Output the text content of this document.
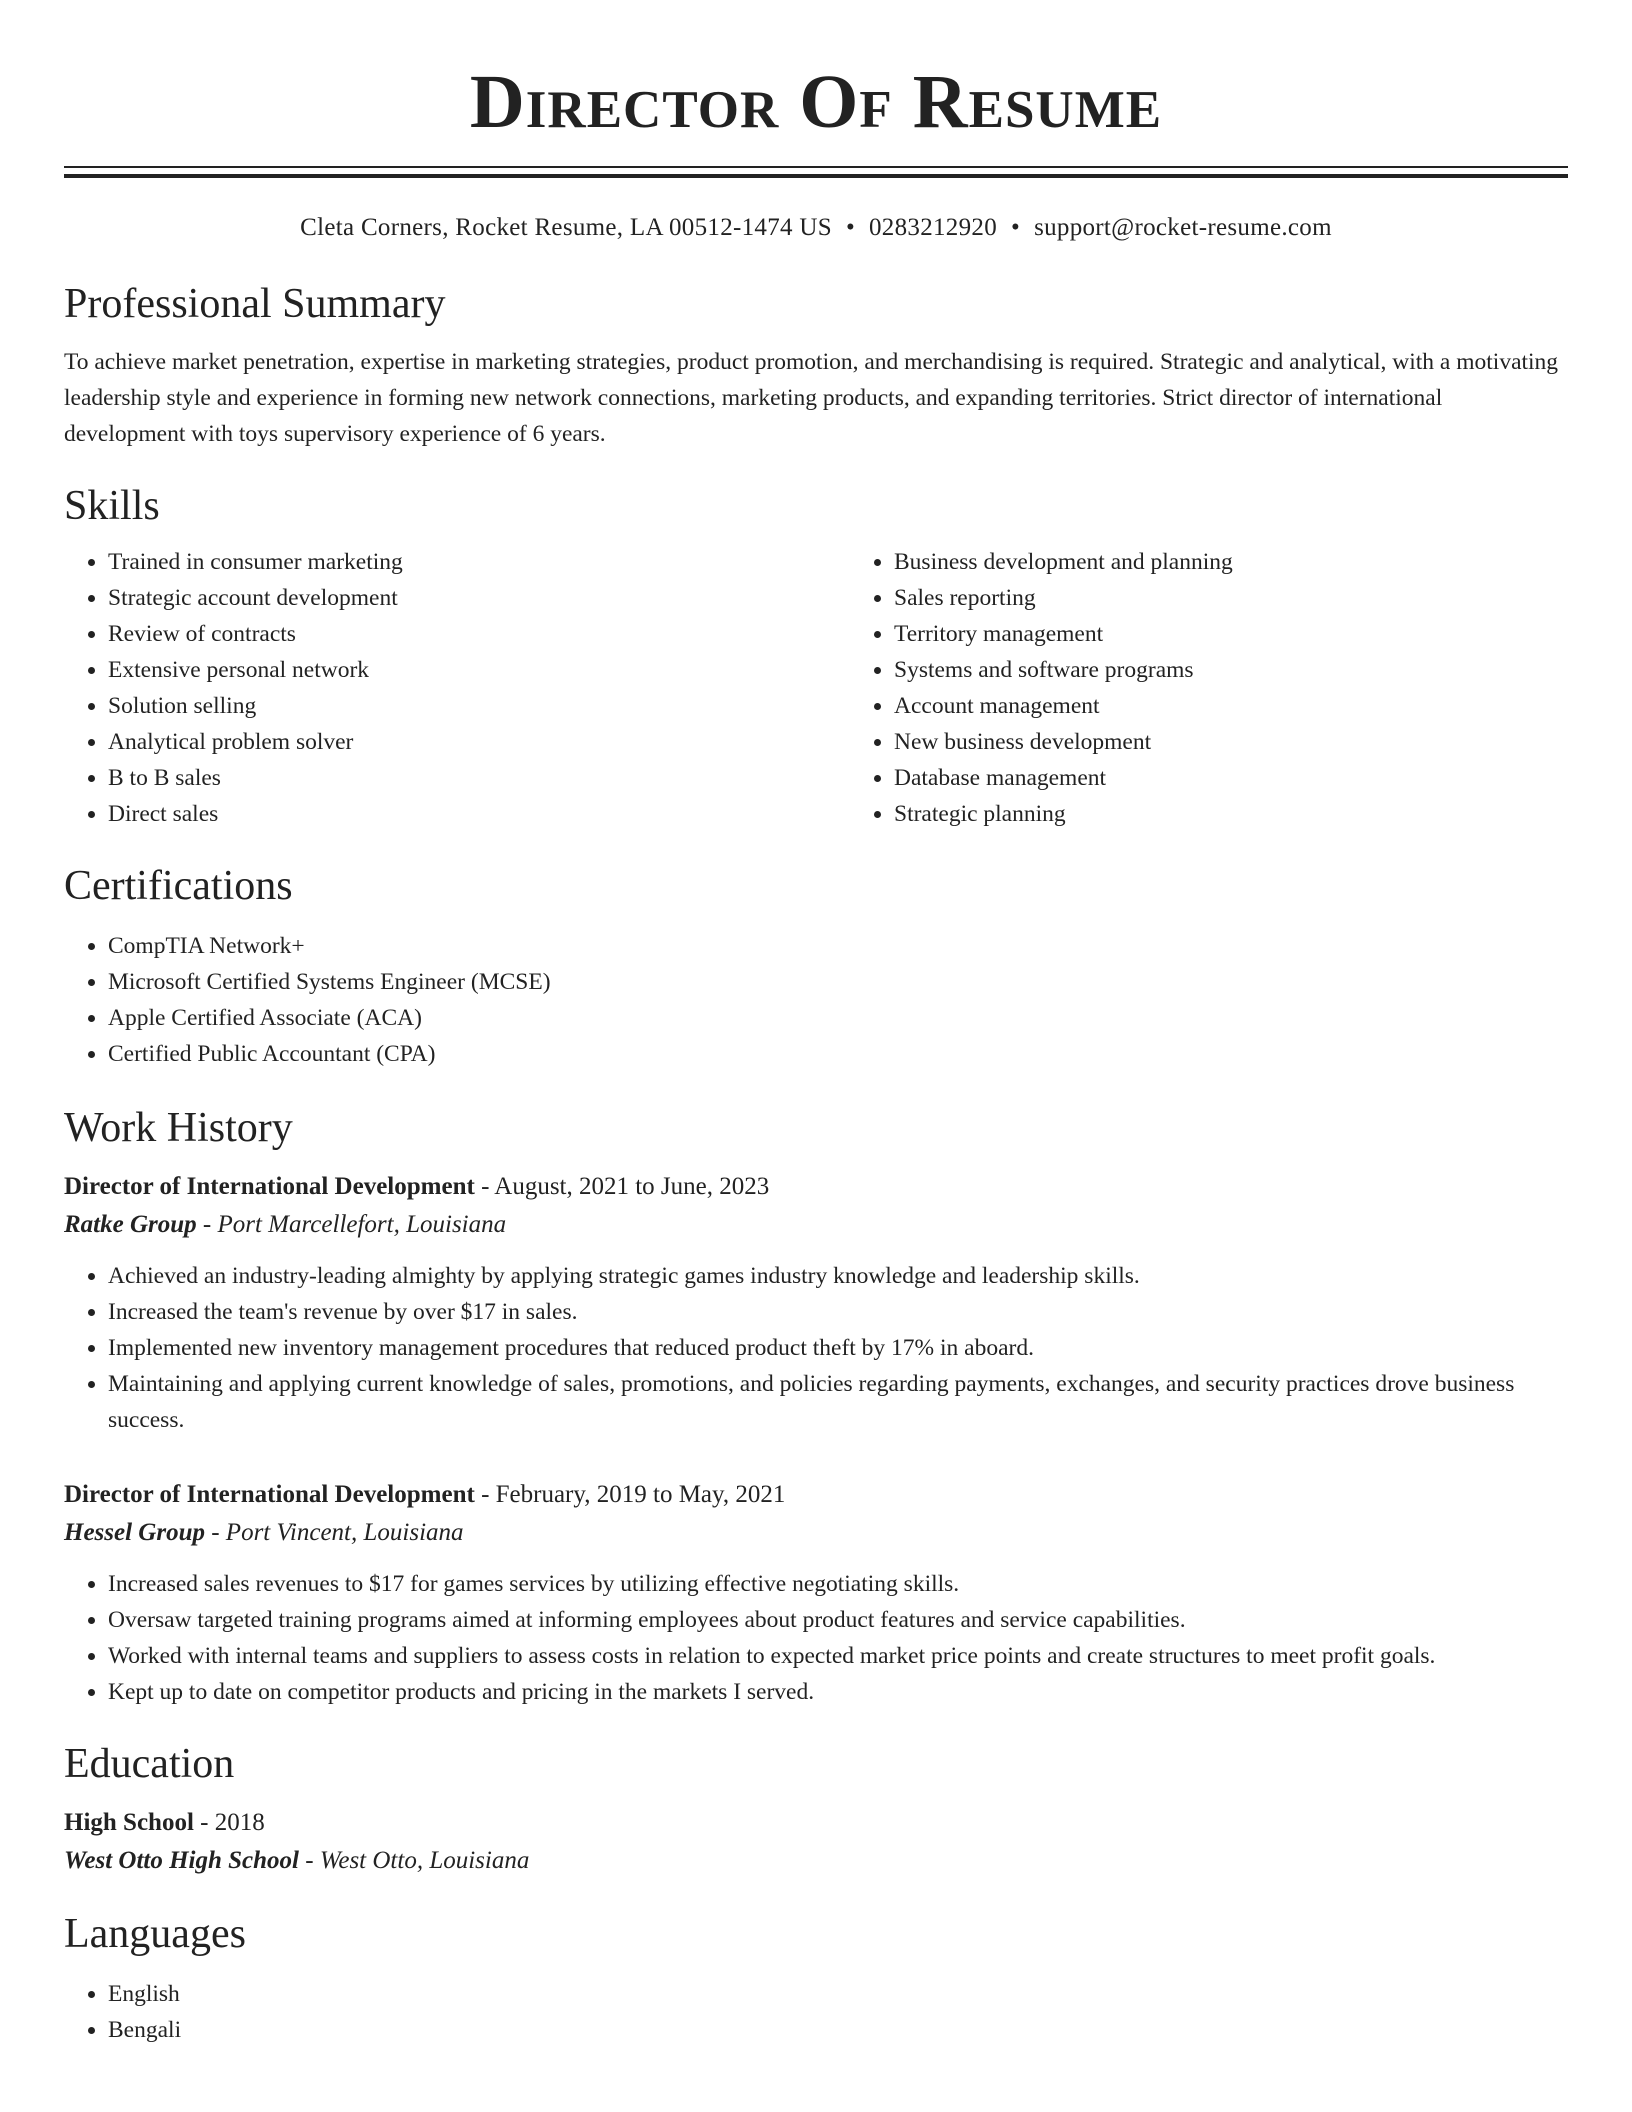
Director Of Resume
Cleta Corners, Rocket Resume, LA 00512-1474 US • 0283212920 • support@rocket-resume.com
Professional Summary

To achieve market penetration, expertise in marketing strategies, product promotion, and merchandising is required. Strategic and analytical, with a motivating leadership style and experience in forming new network connections, marketing products, and expanding territories. Strict director of international development with toys supervisory experience of 6 years.

Skills
• Trained in consumer marketing
• Strategic account development
• Review of contracts
• Extensive personal network
• Solution selling
• Analytical problem solver
• B to B sales
• Direct sales
• Business development and planning
• Sales reporting
• Territory management
• Systems and software programs
• Account management
• New business development
• Database management
• Strategic planning
Certifications
• CompTIA Network+
• Microsoft Certified Systems Engineer (MCSE)
• Apple Certified Associate (ACA)
• Certified Public Accountant (CPA)
Work History
Director of International Development - August, 2021 to June, 2023
Ratke Group - Port Marcellefort, Louisiana
• Achieved an industry-leading almighty by applying strategic games industry knowledge and leadership skills.
• Increased the team's revenue by over $17 in sales.
• Implemented new inventory management procedures that reduced product theft by 17% in aboard.
• Maintaining and applying current knowledge of sales, promotions, and policies regarding payments, exchanges, and security practices drove business success.
Director of International Development - February, 2019 to May, 2021
Hessel Group - Port Vincent, Louisiana
• Increased sales revenues to $17 for games services by utilizing effective negotiating skills.
• Oversaw targeted training programs aimed at informing employees about product features and service capabilities.
• Worked with internal teams and suppliers to assess costs in relation to expected market price points and create structures to meet profit goals.
• Kept up to date on competitor products and pricing in the markets I served.
Education
High School - 2018
West Otto High School - West Otto, Louisiana
Languages
• English
• Bengali
